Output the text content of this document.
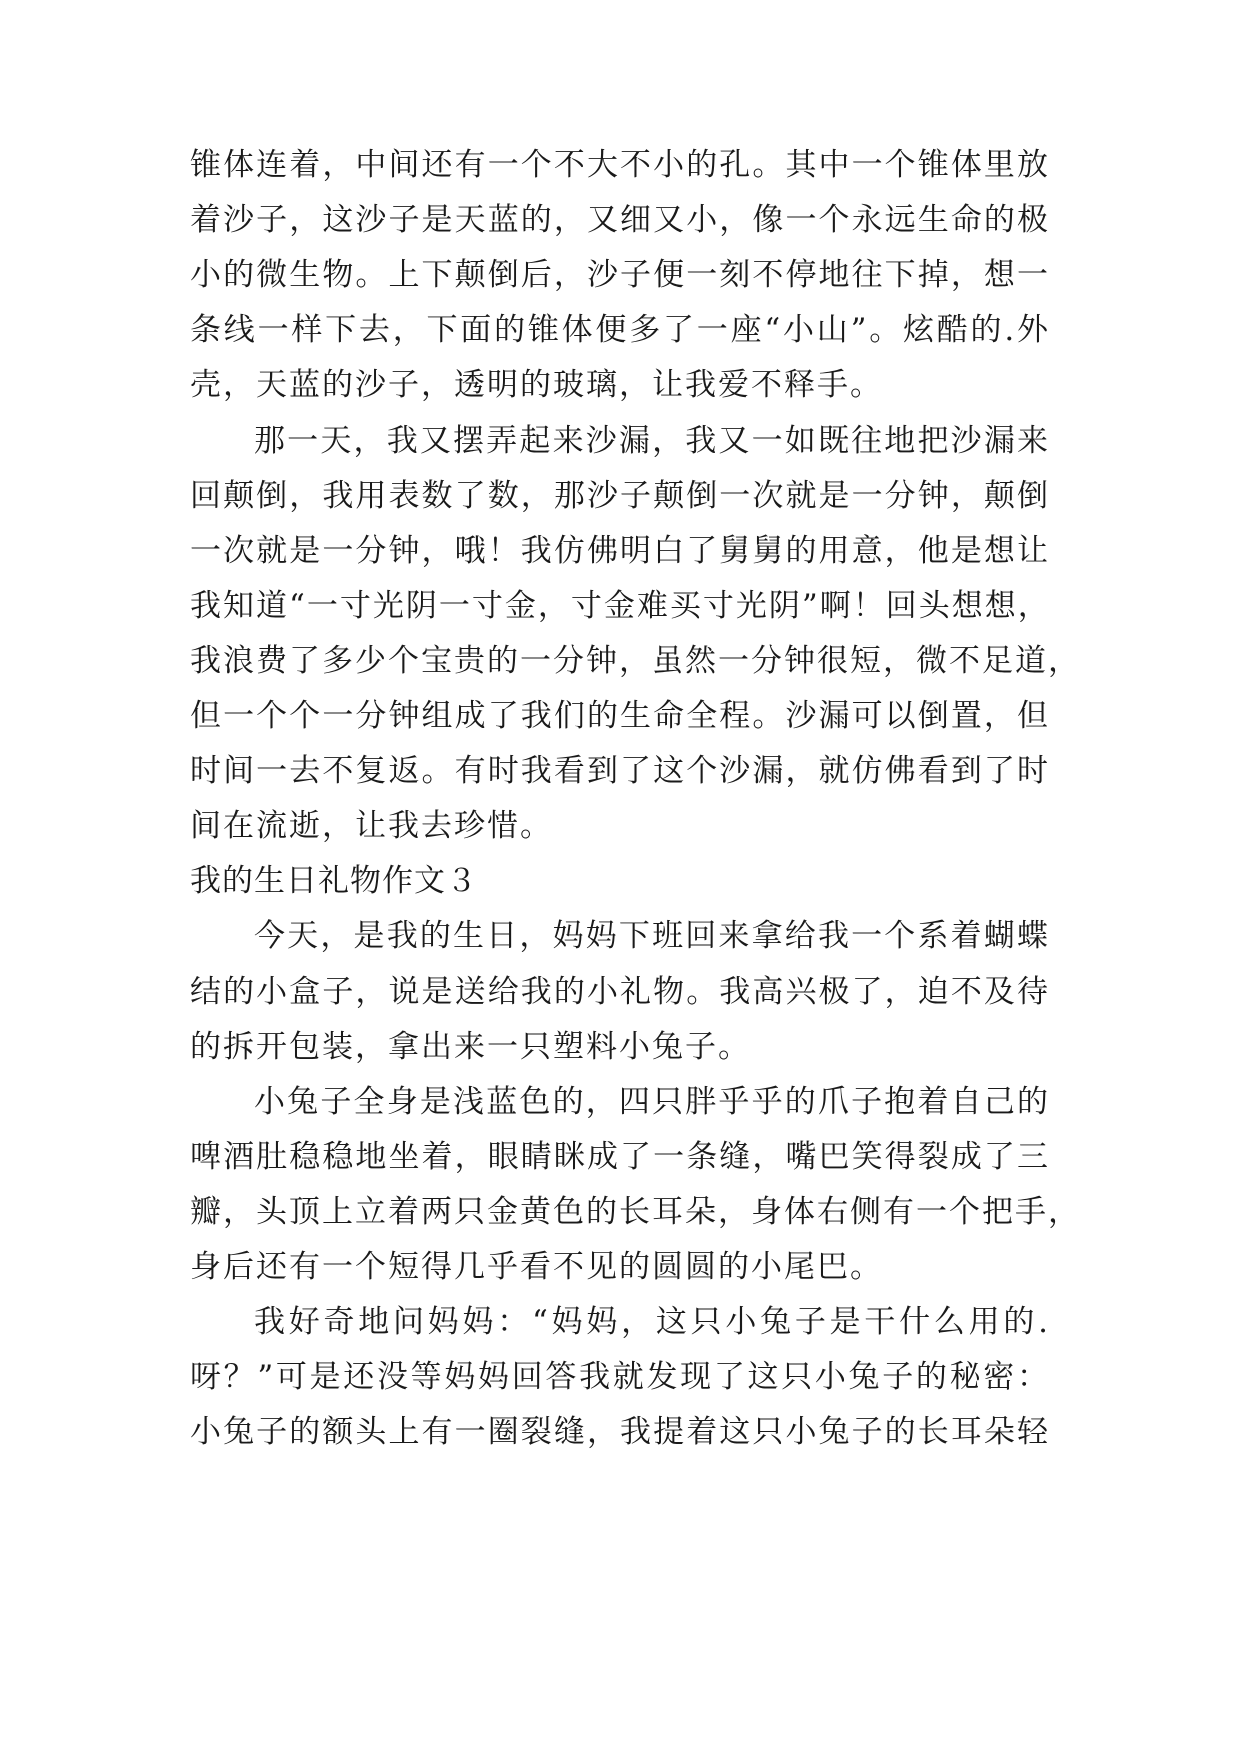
锥体连着，中间还有一个不大不小的孔。其中一个锥体里放
着沙子，这沙子是天蓝的，又细又小，像一个永远生命的极
小的微生物。上下颠倒后，沙子便一刻不停地往下掉，想一
条线一样下去，下面的锥体便多了一座“小山”。炫酷的.外
壳，天蓝的沙子，透明的玻璃，让我爱不释手。
那一天，我又摆弄起来沙漏，我又一如既往地把沙漏来
回颠倒，我用表数了数，那沙子颠倒一次就是一分钟，颠倒
一次就是一分钟，哦！我仿佛明白了舅舅的用意，他是想让
我知道“一寸光阴一寸金，寸金难买寸光阴”啊！回头想想，
我浪费了多少个宝贵的一分钟，虽然一分钟很短，微不足道，
但一个个一分钟组成了我们的生命全程。沙漏可以倒置，但
时间一去不复返。有时我看到了这个沙漏，就仿佛看到了时
间在流逝，让我去珍惜。
我的生日礼物作文３
今天，是我的生日，妈妈下班回来拿给我一个系着蝴蝶
结的小盒子，说是送给我的小礼物。我高兴极了，迫不及待
的拆开包装，拿出来一只塑料小兔子。
小兔子全身是浅蓝色的，四只胖乎乎的爪子抱着自己的
啤酒肚稳稳地坐着，眼睛眯成了一条缝，嘴巴笑得裂成了三
瓣，头顶上立着两只金黄色的长耳朵，身体右侧有一个把手，
身后还有一个短得几乎看不见的圆圆的小尾巴。
我好奇地问妈妈：“妈妈，这只小兔子是干什么用的.
呀？”可是还没等妈妈回答我就发现了这只小兔子的秘密：
小兔子的额头上有一圈裂缝，我提着这只小兔子的长耳朵轻
